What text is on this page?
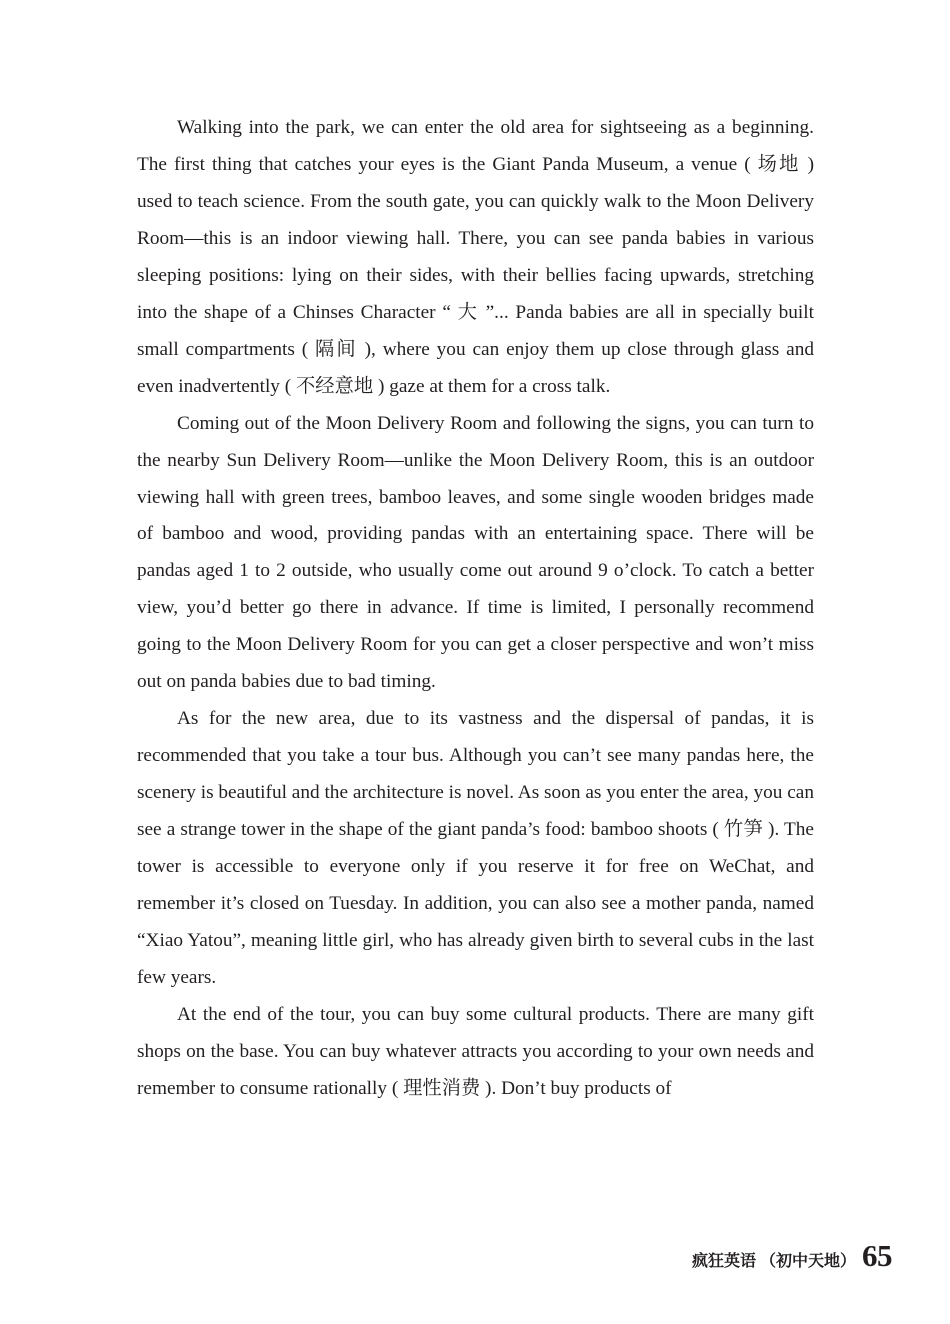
Walking into the park, we can enter the old area for sightseeing as a beginning. The first thing that catches your eyes is the Giant Panda Museum, a venue ( 场地 ) used to teach science. From the south gate, you can quickly walk to the Moon Delivery Room—this is an indoor viewing hall. There, you can see panda babies in various sleeping positions: lying on their sides, with their bellies facing upwards, stretching into the shape of a Chinses Character “ 大 ”... Panda babies are all in specially built small compartments ( 隔间 ), where you can enjoy them up close through glass and even inadvertently ( 不经意地 ) gaze at them for a cross talk.

Coming out of the Moon Delivery Room and following the signs, you can turn to the nearby Sun Delivery Room—unlike the Moon Delivery Room, this is an outdoor viewing hall with green trees, bamboo leaves, and some single wooden bridges made of bamboo and wood, providing pandas with an entertaining space. There will be pandas aged 1 to 2 outside, who usually come out around 9 o’clock. To catch a better view, you’d better go there in advance. If time is limited, I personally recommend going to the Moon Delivery Room for you can get a closer perspective and won’t miss out on panda babies due to bad timing.

As for the new area, due to its vastness and the dispersal of pandas, it is recommended that you take a tour bus. Although you can’t see many pandas here, the scenery is beautiful and the architecture is novel. As soon as you enter the area, you can see a strange tower in the shape of the giant panda’s food: bamboo shoots ( 竹笋 ). The tower is accessible to everyone only if you reserve it for free on WeChat, and remember it’s closed on Tuesday. In addition, you can also see a mother panda, named “Xiao Yatou”, meaning little girl, who has already given birth to several cubs in the last few years.

At the end of the tour, you can buy some cultural products. There are many gift shops on the base. You can buy whatever attracts you according to your own needs and remember to consume rationally ( 理性消费 ). Don’t buy products of

疯狂英语 （初中天地） 65
